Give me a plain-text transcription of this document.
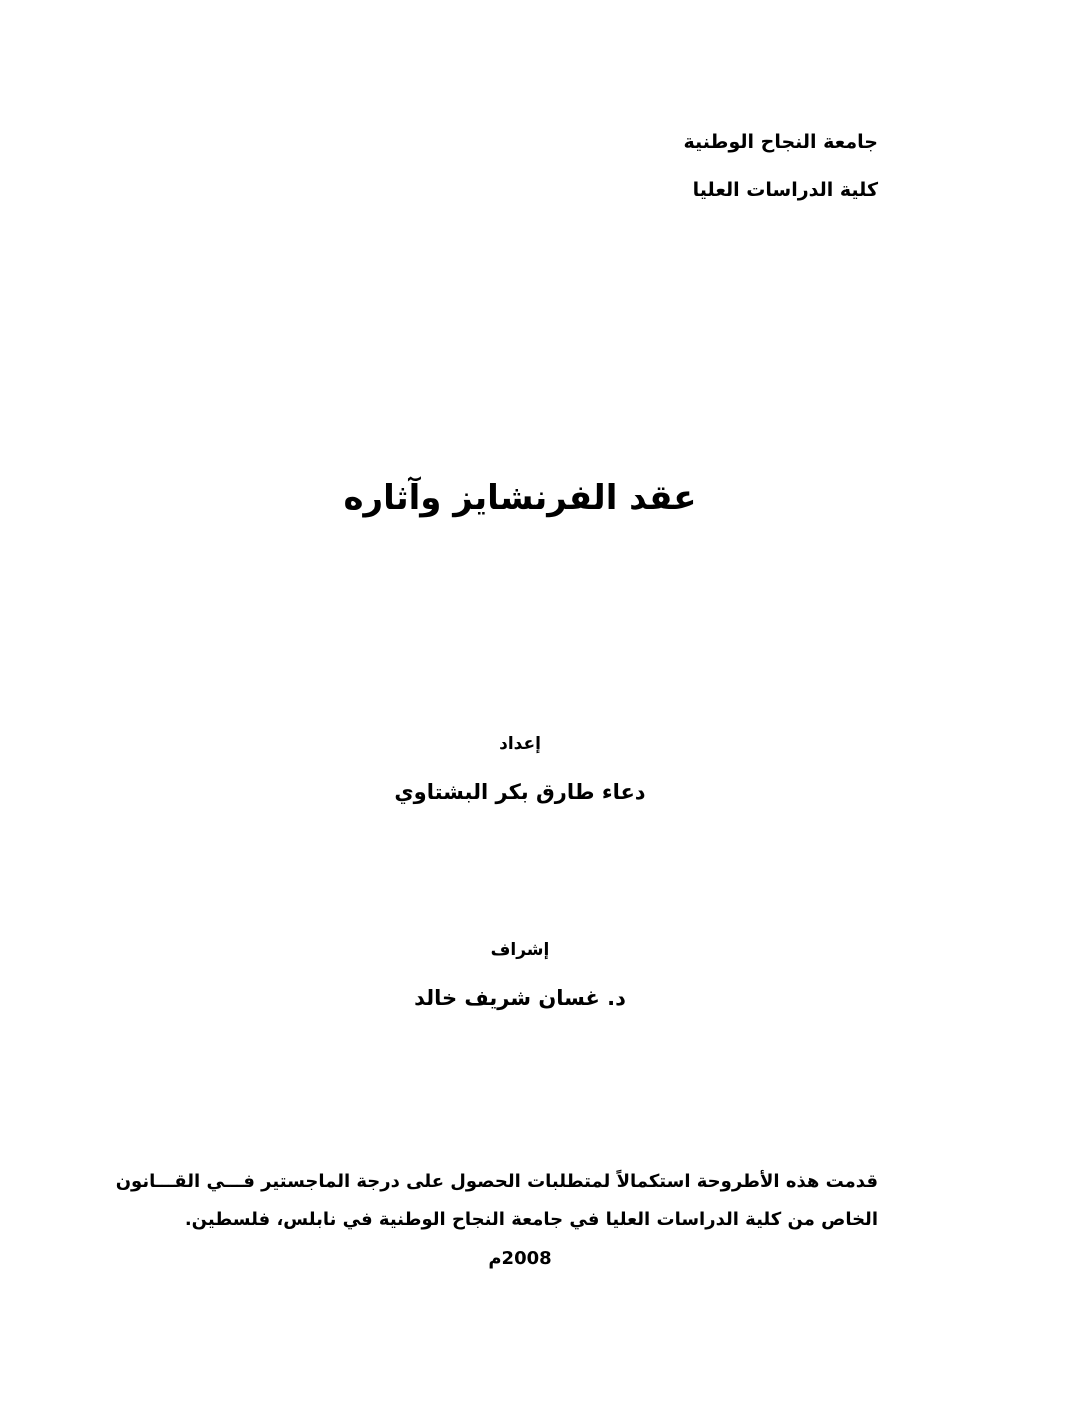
جامعة النجاح الوطنية
كلية الدراسات العليا
عقد الفرنشايز وآثاره
إعداد
دعاء طارق بكر البشتاوي
إشراف
د. غسان شريف خالد
قدمت هذه الأطروحة استكمالاً لمتطلبات الحصول على درجة الماجستير فـــي القـــانون
الخاص من كلية الدراسات العليا في جامعة النجاح الوطنية في نابلس، فلسطين.
2008م
